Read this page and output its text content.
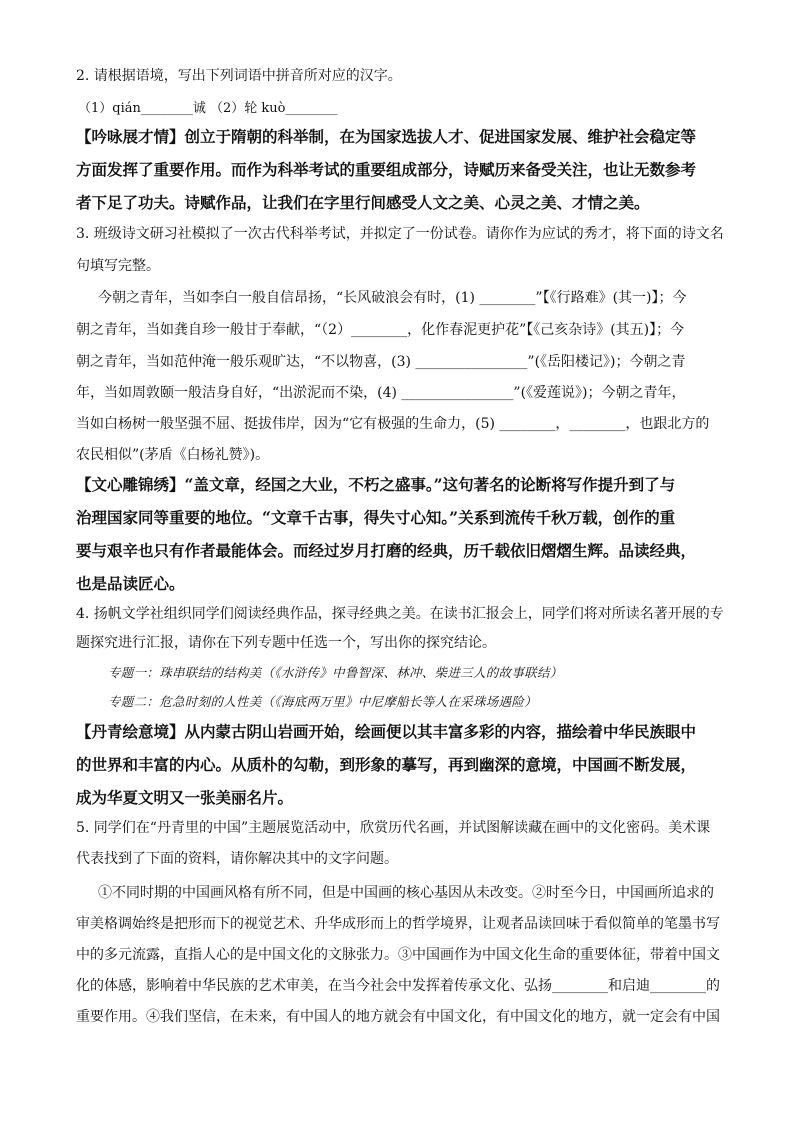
2. 请根据语境，写出下列词语中拼音所对应的汉字。
（1）qián________诚 （2）轮 kuò________
【吟咏展才情】创立于隋朝的科举制，在为国家选拔人才、促进国家发展、维护社会稳定等
方面发挥了重要作用。而作为科举考试的重要组成部分，诗赋历来备受关注，也让无数参考
者下足了功夫。诗赋作品，让我们在字里行间感受人文之美、心灵之美、才情之美。
3. 班级诗文研习社模拟了一次古代科举考试，并拟定了一份试卷。请你作为应试的秀才，将下面的诗文名
句填写完整。
今朝之青年，当如李白一般自信昂扬，“长风破浪会有时，(1) ________”【《行路难》(其一)】；今
朝之青年，当如龚自珍一般甘于奉献，“（2）________，化作春泥更护花”【《己亥杂诗》(其五)】；今
朝之青年，当如范仲淹一般乐观旷达，“不以物喜，(3) ________________”(《岳阳楼记》)；今朝之青
年，当如周敦颐一般洁身自好，“出淤泥而不染，(4) ________________”(《爱莲说》)；今朝之青年，
当如白杨树一般坚强不屈、挺拔伟岸，因为“它有极强的生命力，(5) ________，________，也跟北方的
农民相似”(茅盾《白杨礼赞》)。
【文心雕锦绣】“盖文章，经国之大业，不朽之盛事。”这句著名的论断将写作提升到了与
治理国家同等重要的地位。“文章千古事，得失寸心知。”关系到流传千秋万载，创作的重
要与艰辛也只有作者最能体会。而经过岁月打磨的经典，历千载依旧熠熠生辉。品读经典，
也是品读匠心。
4. 扬帆文学社组织同学们阅读经典作品，探寻经典之美。在读书汇报会上，同学们将对所读名著开展的专
题探究进行汇报，请你在下列专题中任选一个，写出你的探究结论。
专题一：珠串联结的结构美（《水浒传》中鲁智深、林冲、柴进三人的故事联结）
专题二：危急时刻的人性美（《海底两万里》中尼摩船长等人在采珠场遇险）
【丹青绘意境】从内蒙古阴山岩画开始，绘画便以其丰富多彩的内容，描绘着中华民族眼中
的世界和丰富的内心。从质朴的勾勒，到形象的摹写，再到幽深的意境，中国画不断发展，
成为华夏文明又一张美丽名片。
5. 同学们在“丹青里的中国”主题展览活动中，欣赏历代名画，并试图解读藏在画中的文化密码。美术课
代表找到了下面的资料，请你解决其中的文字问题。
①不同时期的中国画风格有所不同，但是中国画的核心基因从未改变。②时至今日，中国画所追求的
审美格调始终是把形而下的视觉艺术、升华成形而上的哲学境界，让观者品读回味于看似简单的笔墨书写
中的多元流露，直指人心的是中国文化的文脉张力。③中国画作为中国文化生命的重要体征，带着中国文
化的体感，影响着中华民族的艺术审美，在当今社会中发挥着传承文化、弘扬________和启迪________的
重要作用。④我们坚信，在未来，有中国人的地方就会有中国文化，有中国文化的地方，就一定会有中国
